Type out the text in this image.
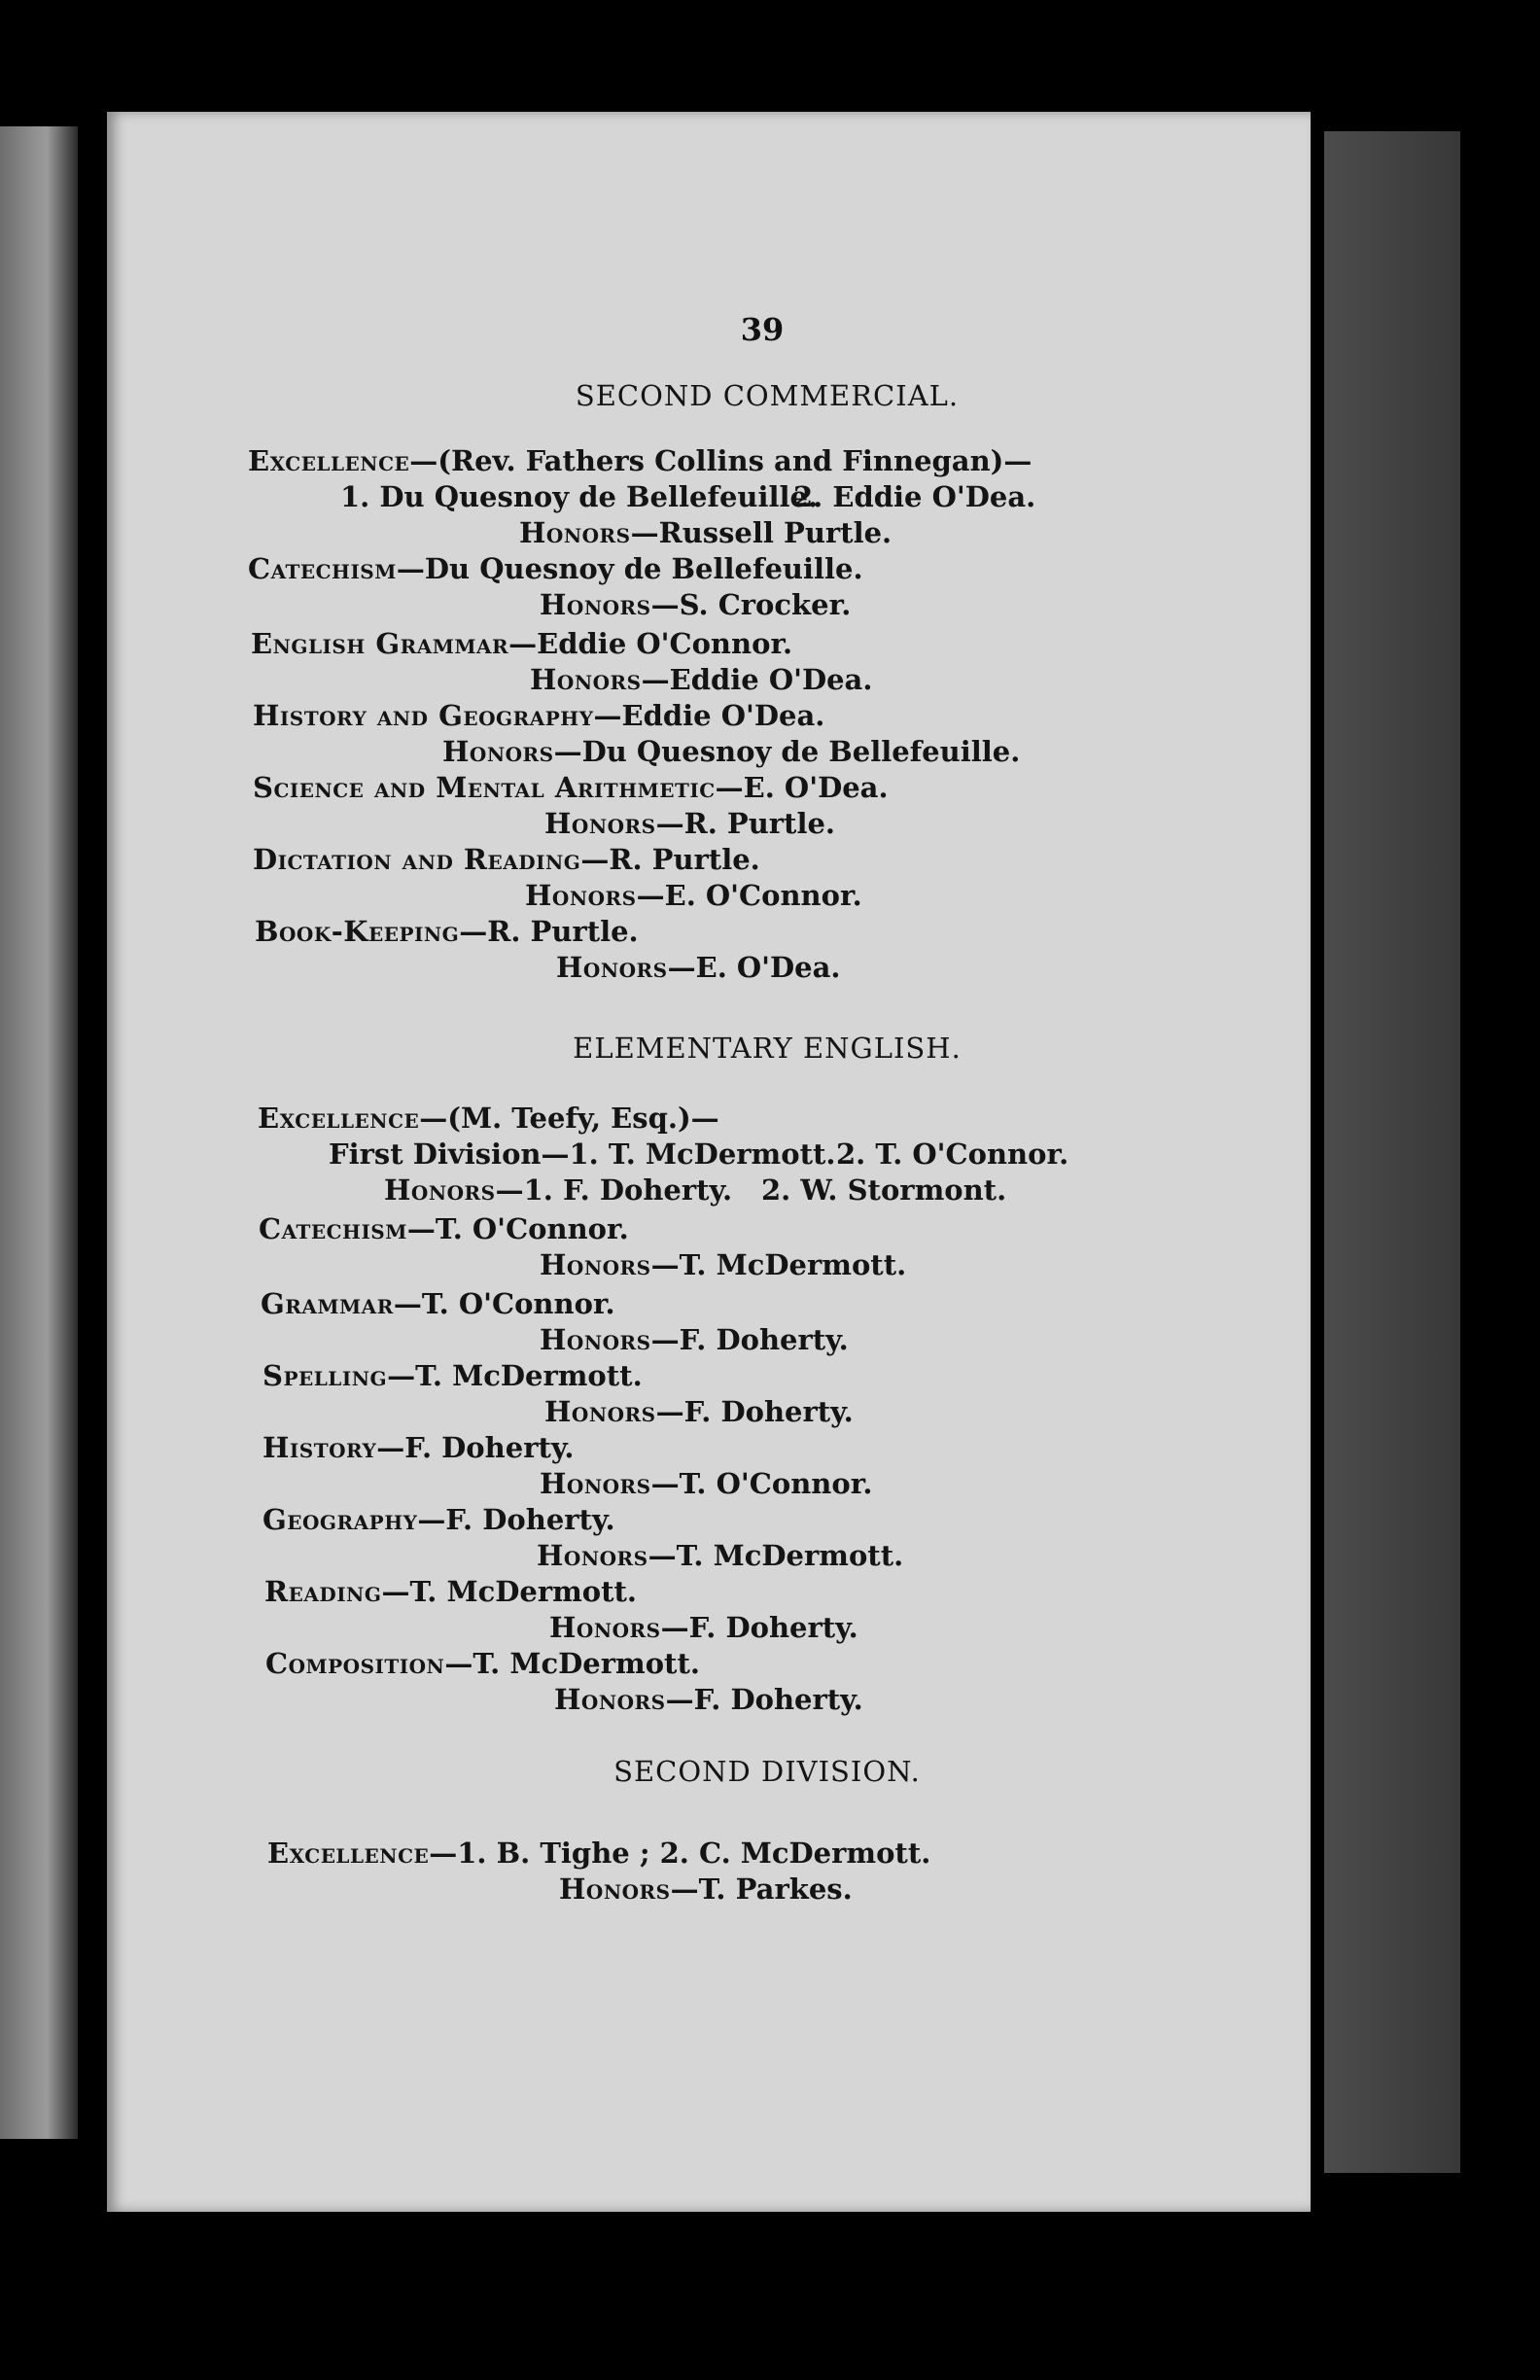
39
SECOND COMMERCIAL.
Excellence—(Rev. Fathers Collins and Finnegan)—
1. Du Quesnoy de Bellefeuille.
2. Eddie O'Dea.
Honors—Russell Purtle.
Catechism—Du Quesnoy de Bellefeuille.
Honors—S. Crocker.
English Grammar—Eddie O'Connor.
Honors—Eddie O'Dea.
History and Geography—Eddie O'Dea.
Honors—Du Quesnoy de Bellefeuille.
Science and Mental Arithmetic—E. O'Dea.
Honors—R. Purtle.
Dictation and Reading—R. Purtle.
Honors—E. O'Connor.
Book-Keeping—R. Purtle.
Honors—E. O'Dea.
ELEMENTARY ENGLISH.
Excellence—(M. Teefy, Esq.)—
First Division—1. T. McDermott. 2. T. O'Connor.
Honors—1. F. Doherty. 2. W. Stormont.
Catechism—T. O'Connor.
Honors—T. McDermott.
Grammar—T. O'Connor.
Honors—F. Doherty.
Spelling—T. McDermott.
Honors—F. Doherty.
History—F. Doherty.
Honors—T. O'Connor.
Geography—F. Doherty.
Honors—T. McDermott.
Reading—T. McDermott.
Honors—F. Doherty.
Composition—T. McDermott.
Honors—F. Doherty.
SECOND DIVISION.
Excellence—1. B. Tighe ; 2. C. McDermott.
Honors—T. Parkes.
